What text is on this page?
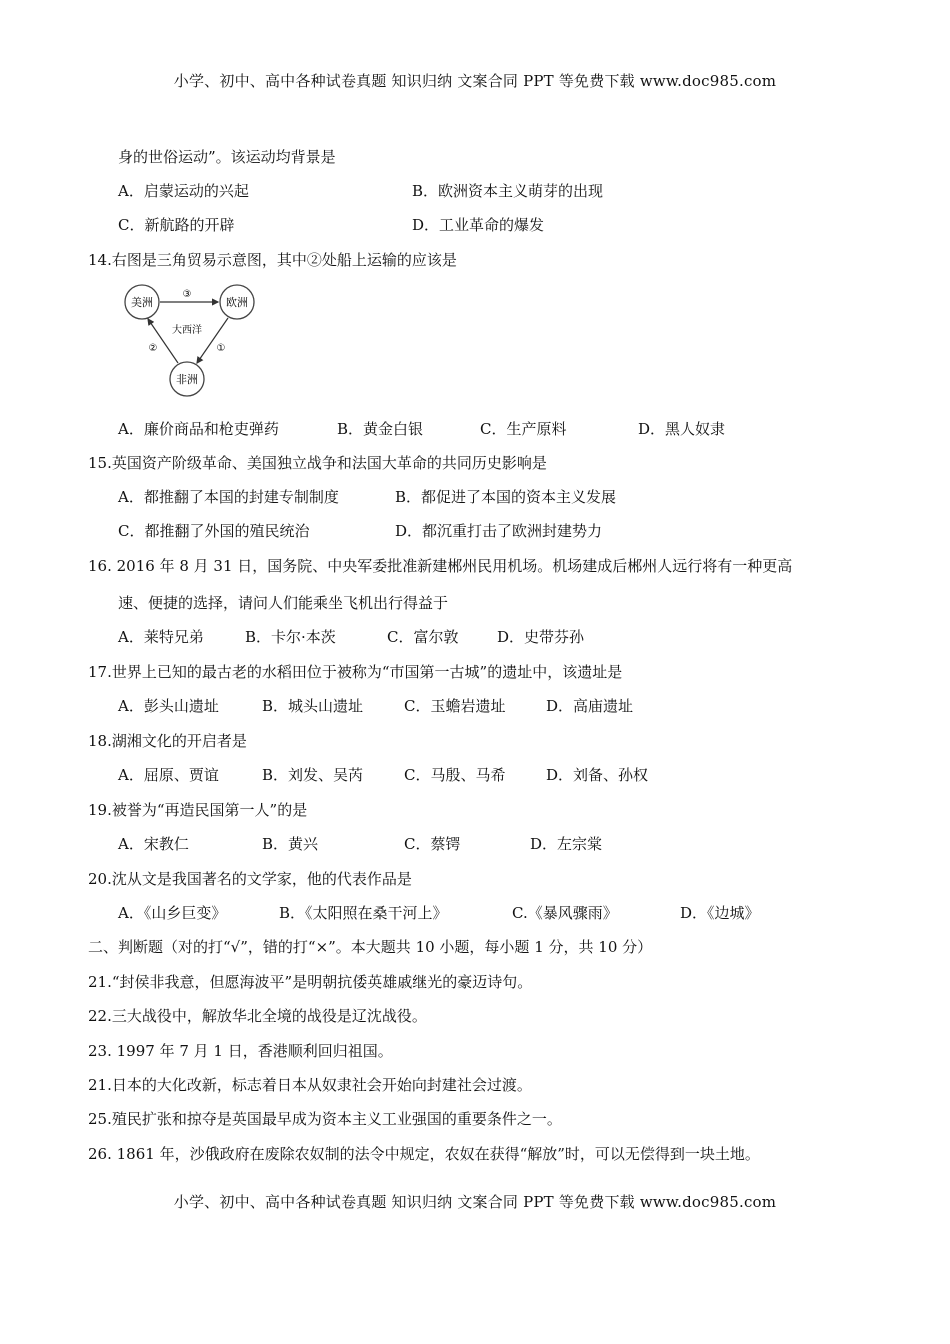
小学、初中、高中各种试卷真题 知识归纳 文案合同 PPT 等免费下载 www.doc985.com
身的世俗运动”。该运动均背景是
A．启蒙运动的兴起	B．欧洲资本主义萌芽的出现
C．新航路的开辟	D．工业革命的爆发
14.右图是三角贸易示意图，其中②处船上运输的应该是
美洲	欧洲
非洲
大西洋
③
①
②
A．廉价商品和枪吏弹药	B．黄金白银	C．生产原料	D．黑人奴隶
15.英国资产阶级革命、美国独立战争和法国大革命的共同历史影响是
A．都推翻了本国的封建专制制度	B．都促进了本国的资本主义发展
C．都推翻了外国的殖民统治	D．都沉重打击了欧洲封建势力
16. 2016 年 8 月 31 日，国务院、中央军委批准新建郴州民用机场。机场建成后郴州人远行将有一种更高
速、便捷的选择，请问人们能乘坐飞机出行得益于
A．莱特兄弟	B．卡尔·本茨	C．富尔敦	D．史带芬孙
17.世界上已知的最古老的水稻田位于被称为“巿国第一古城”的遗址中，该遗址是
A．彭头山遗址	B．城头山遗址	C．玉蟾岩遗址	D．高庙遗址
18.湖湘文化的开启者是
A．屈原、贾谊	B．刘发、吴芮	C．马殷、马希	D．刘备、孙权
19.被誉为“再造民国第一人”的是
A．宋教仁	B．黄兴	C．蔡锷	D．左宗棠
20.沈从文是我国著名的文学家，他的代表作品是
A．《山乡巨变》	B．《太阳照在桑干河上》	C.《暴风骤雨》	D．《边城》
二、判断题（对的打“√”，错的打“×”。本大题共 10 小题，每小题 1 分，共 10 分）
21.“封侯非我意，但愿海波平”是明朝抗倭英雄戚继光的豪迈诗句。
22.三大战役中，解放华北全境的战役是辽沈战役。
23. 1997 年 7 月 1 日，香港顺利回归祖国。
21.日本的大化改新，标志着日本从奴隶社会开始向封建社会过渡。
25.殖民扩张和掠夺是英国最早成为资本主义工业强国的重要条件之一。
26. 1861 年，沙俄政府在废除农奴制的法令中规定，农奴在获得“解放”时，可以无偿得到一块土地。
小学、初中、高中各种试卷真题 知识归纳 文案合同 PPT 等免费下载 www.doc985.com
